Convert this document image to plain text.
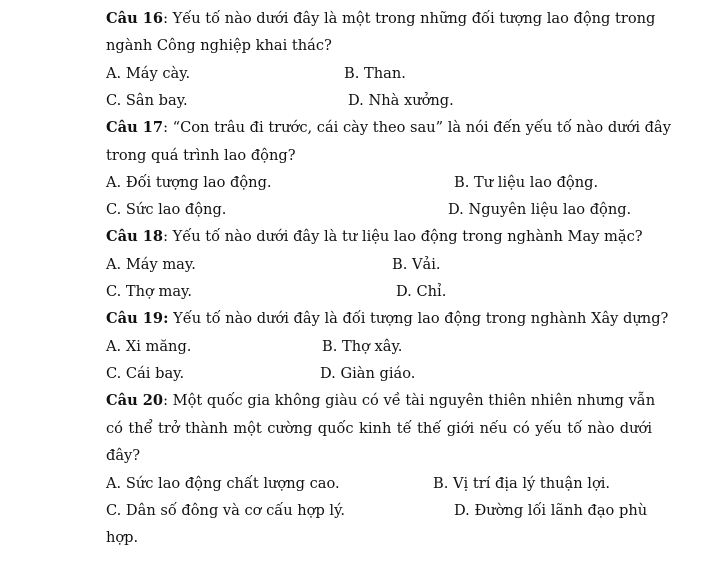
Câu 16: Yếu tố nào dưới đây là một trong những đối tượng lao động trong
ngành Công nghiệp khai thác?
A. Máy cày.	B. Than.
C. Sân bay.	D. Nhà xưởng.
Câu 17: “Con trâu đi trước, cái cày theo sau” là nói đến yếu tố nào dưới đây
trong quá trình lao động?
A. Đối tượng lao động.	B. Tư liệu lao động.
C. Sức lao động.	D. Nguyên liệu lao động.
Câu 18: Yếu tố nào dưới đây là tư liệu lao động trong nghành May mặc?
A. Máy may.	B. Vải.
C. Thợ may.	D. Chỉ.
Câu 19: Yếu tố nào dưới đây là đối tượng lao động trong nghành Xây dựng?
A. Xi măng.	B. Thợ xây.
C. Cái bay.	D. Giàn giáo.
Câu 20: Một quốc gia không giàu có về tài nguyên thiên nhiên nhưng vẫn
có thể trở thành một cường quốc kinh tế thế giới nếu có yếu tố nào dưới
đây?
A. Sức lao động chất lượng cao.	B. Vị trí địa lý thuận lợi.
C. Dân số đông và cơ cấu hợp lý.	D. Đường lối lãnh đạo phù
hợp.
